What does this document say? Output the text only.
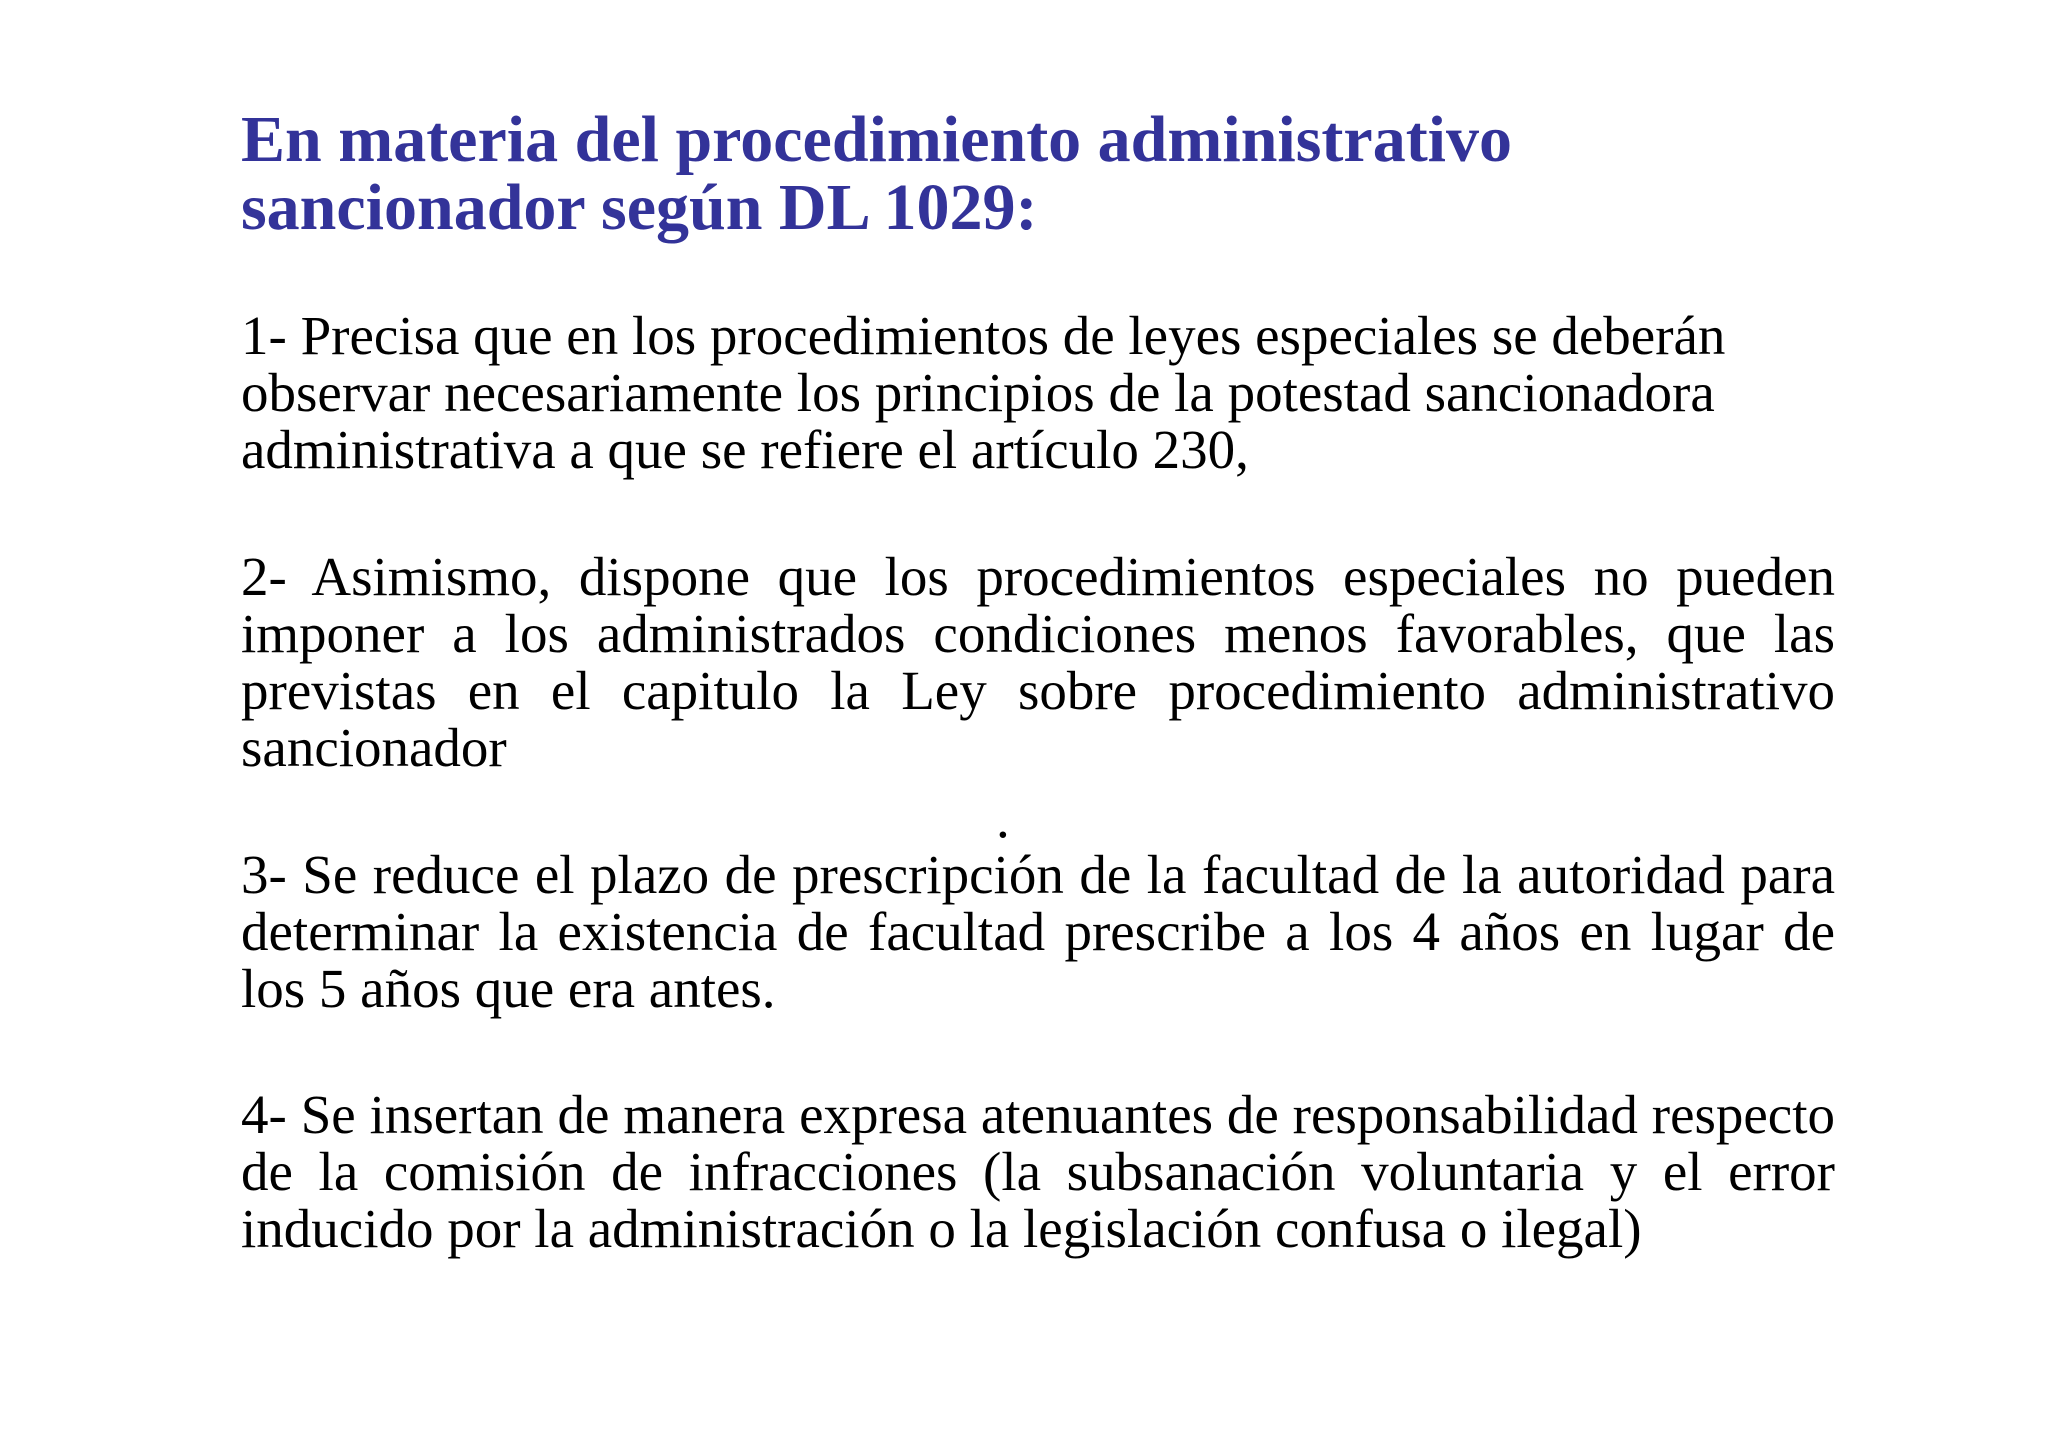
En materia del procedimiento administrativo sancionador según DL 1029:

1- Precisa que en los procedimientos de leyes especiales se deberán observar necesariamente los principios de la potestad sancionadora administrativa a que se refiere el artículo 230,

2- Asimismo, dispone que los procedimientos especiales no pueden imponer a los administrados condiciones menos favorables, que las previstas en el capitulo la Ley sobre procedimiento administrativo sancionador

.

3- Se reduce el plazo de prescripción de la facultad de la autoridad para determinar la existencia de facultad prescribe a los 4 años en lugar de los 5 años que era antes.

4- Se insertan de manera expresa atenuantes de responsabilidad respecto de la comisión de infracciones (la subsanación voluntaria y el error inducido por la administración o la legislación confusa o ilegal)
